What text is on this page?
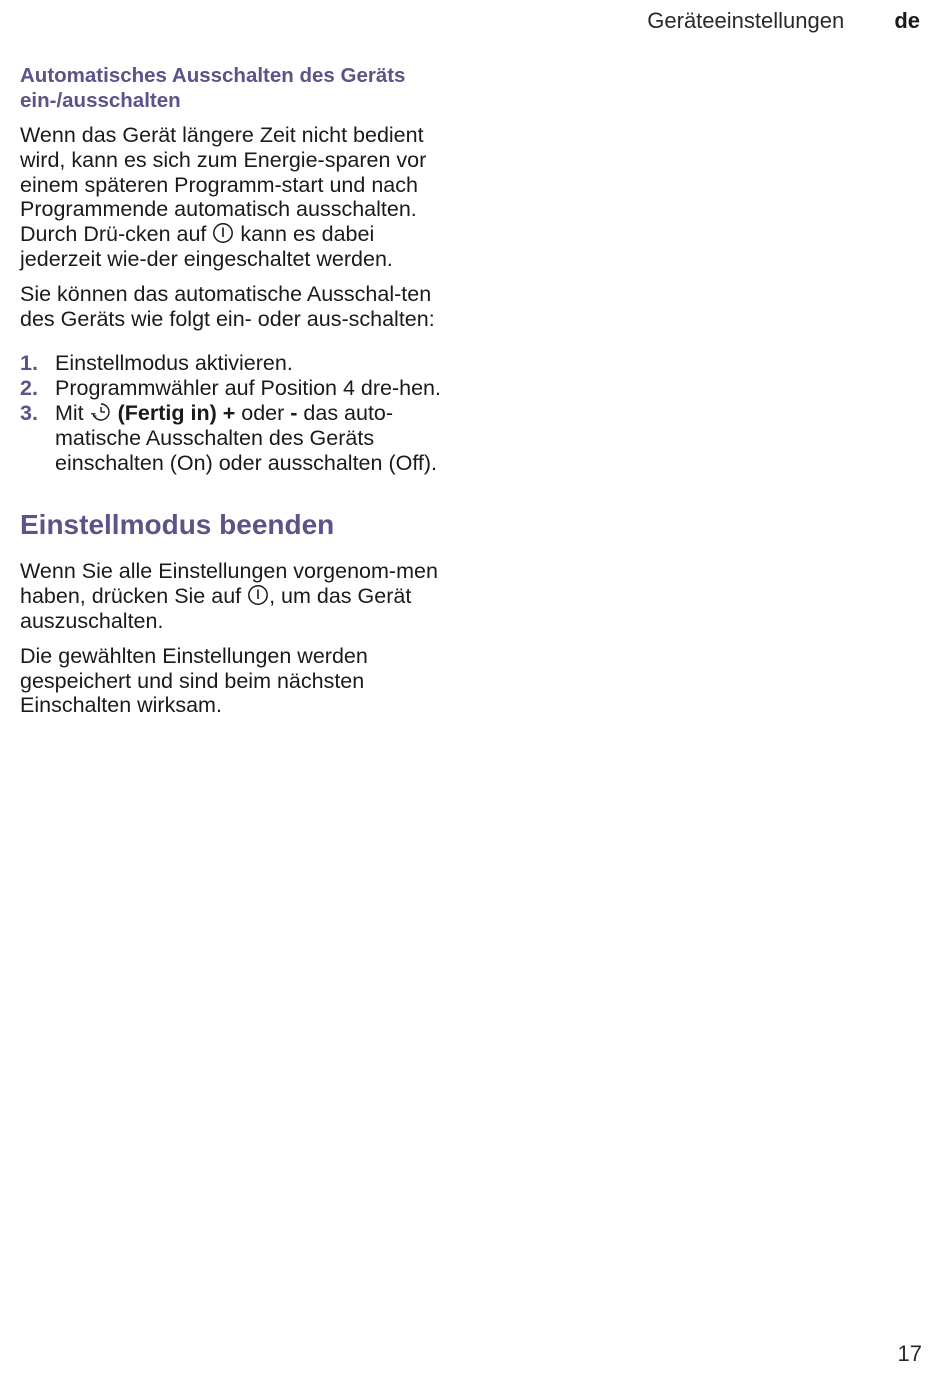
Geräteeinstellungen de
Automatisches Ausschalten des Geräts ein-/ausschalten

Wenn das Gerät längere Zeit nicht bedient wird, kann es sich zum Energie-sparen vor einem späteren Programm-start und nach Programmende automatisch ausschalten. Durch Drü-cken auf  kann es dabei jederzeit wie-der eingeschaltet werden.

Sie können das automatische Ausschal-ten des Geräts wie folgt ein- oder aus-schalten:

1. Einstellmodus aktivieren.
2. Programmwähler auf Position 4 dre-hen.
3. Mit  (Fertig in) + oder - das auto-matische Ausschalten des Geräts einschalten (On) oder ausschalten (Off).
Einstellmodus beenden

Wenn Sie alle Einstellungen vorgenom-men haben, drücken Sie auf , um das Gerät auszuschalten.

Die gewählten Einstellungen werden gespeichert und sind beim nächsten Einschalten wirksam.

17
